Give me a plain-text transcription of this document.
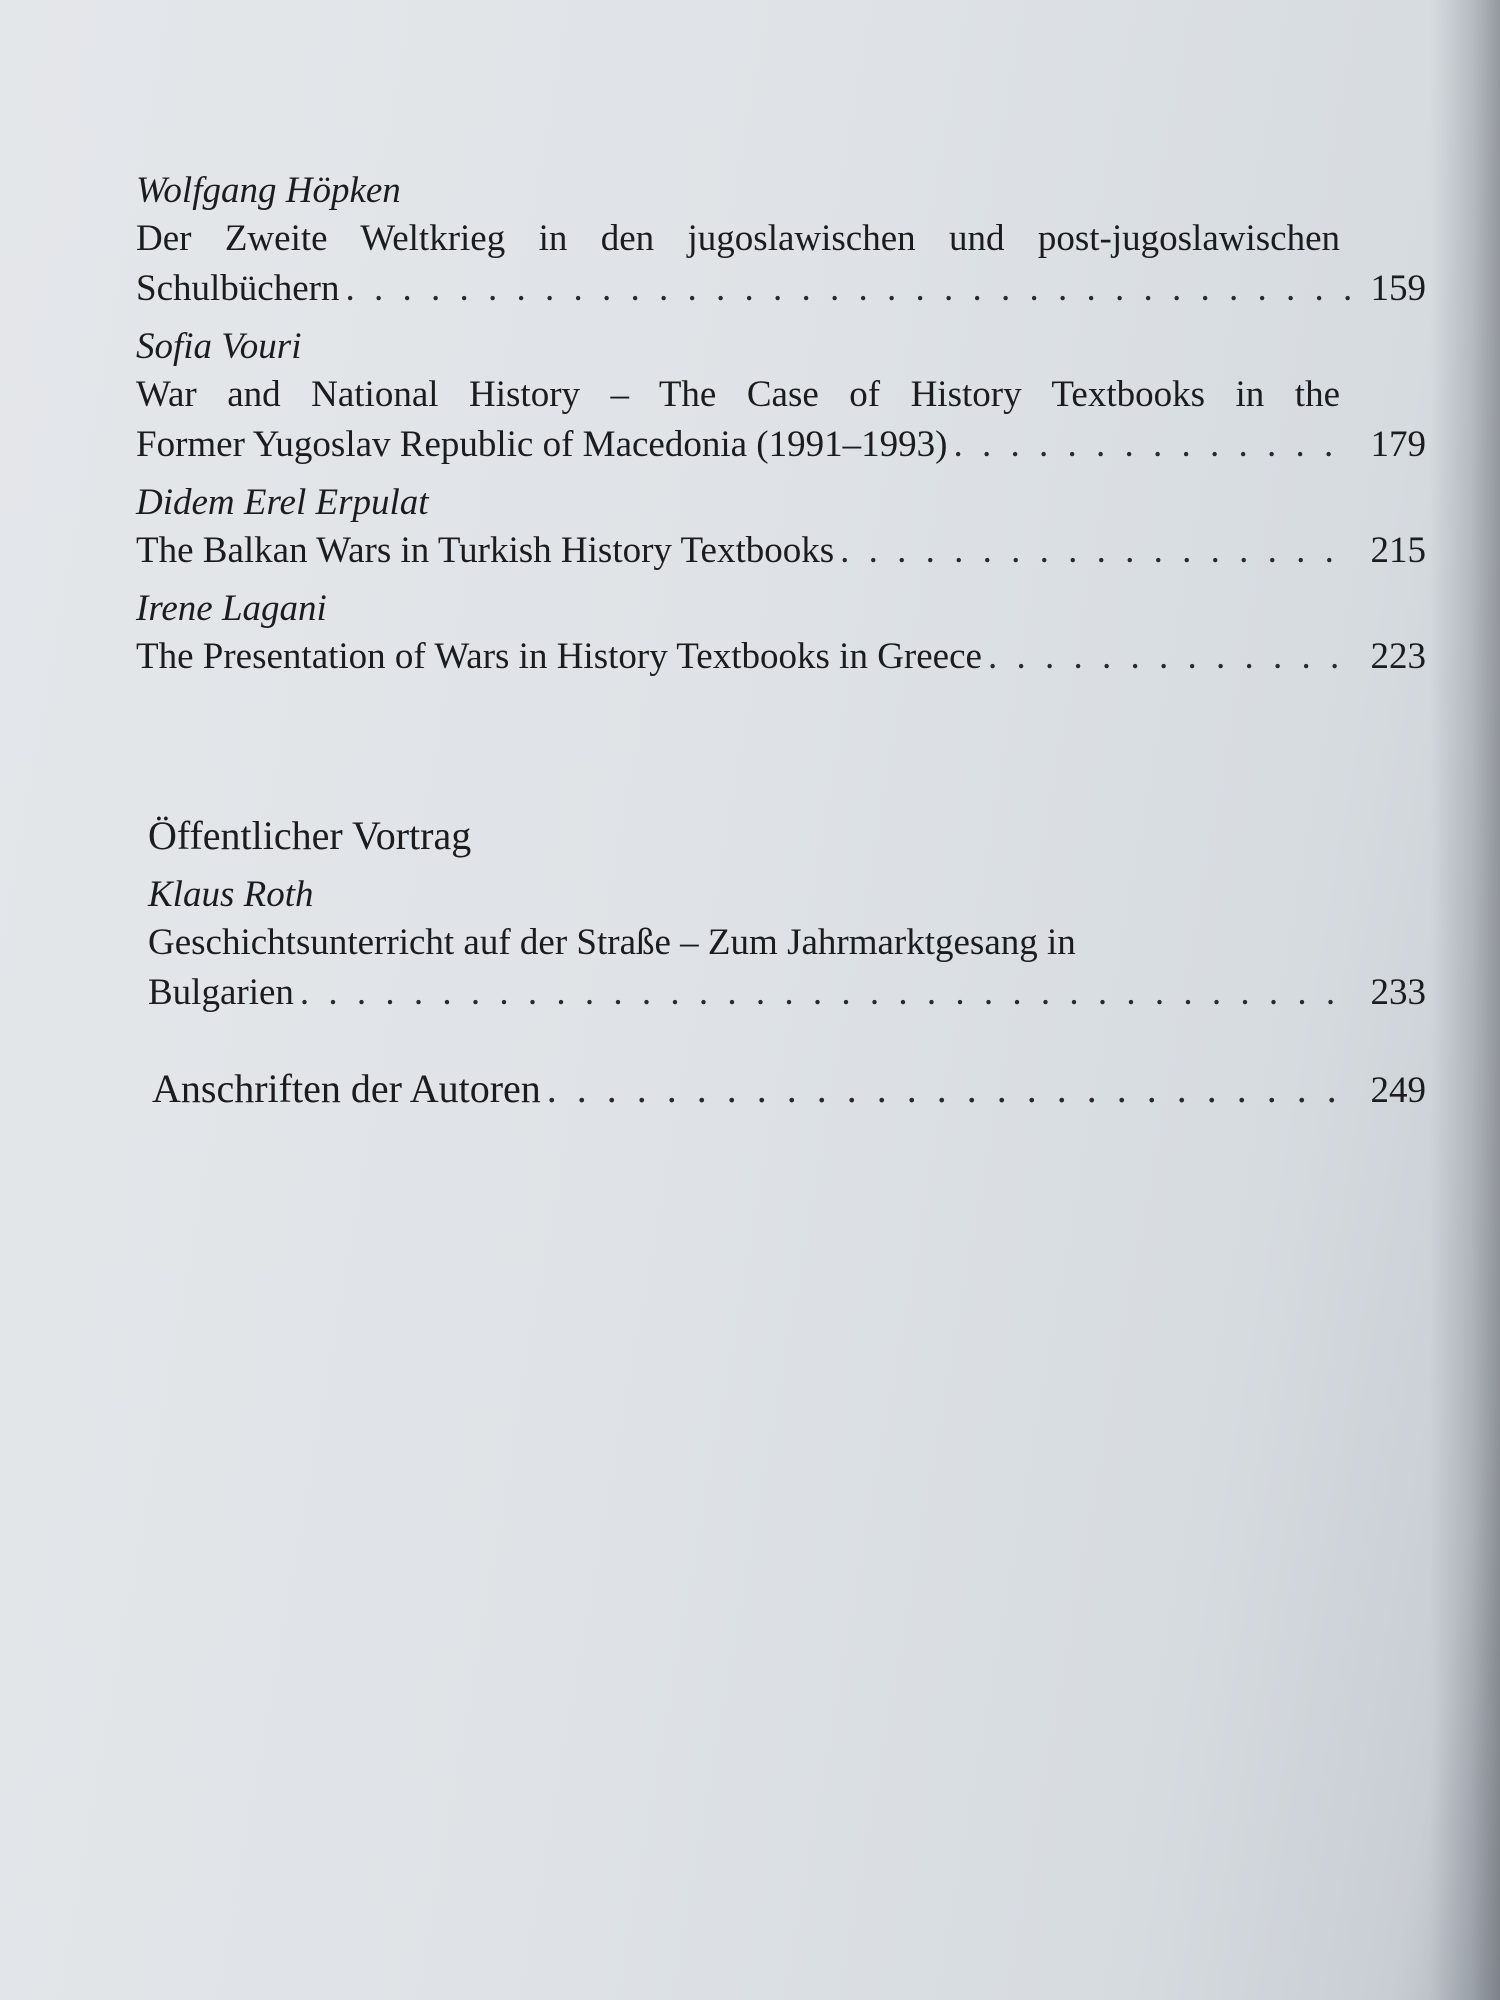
Wolfgang Höpken

Der Zweite Weltkrieg in den jugoslawischen und post-jugoslawischen

Schulbüchern . . .	159

Sofia Vouri

War and National History – The Case of History Textbooks in the

Former Yugoslav Republic of Macedonia (1991–1993) . . .	179

Didem Erel Erpulat

The Balkan Wars in Turkish History Textbooks . . .	215

Irene Lagani

The Presentation of Wars in History Textbooks in Greece . . .	223
Öffentlicher Vortrag

Klaus Roth

Geschichtsunterricht auf der Straße – Zum Jahrmarktgesang in

Bulgarien . . .	233
Anschriften der Autoren . . .	249
